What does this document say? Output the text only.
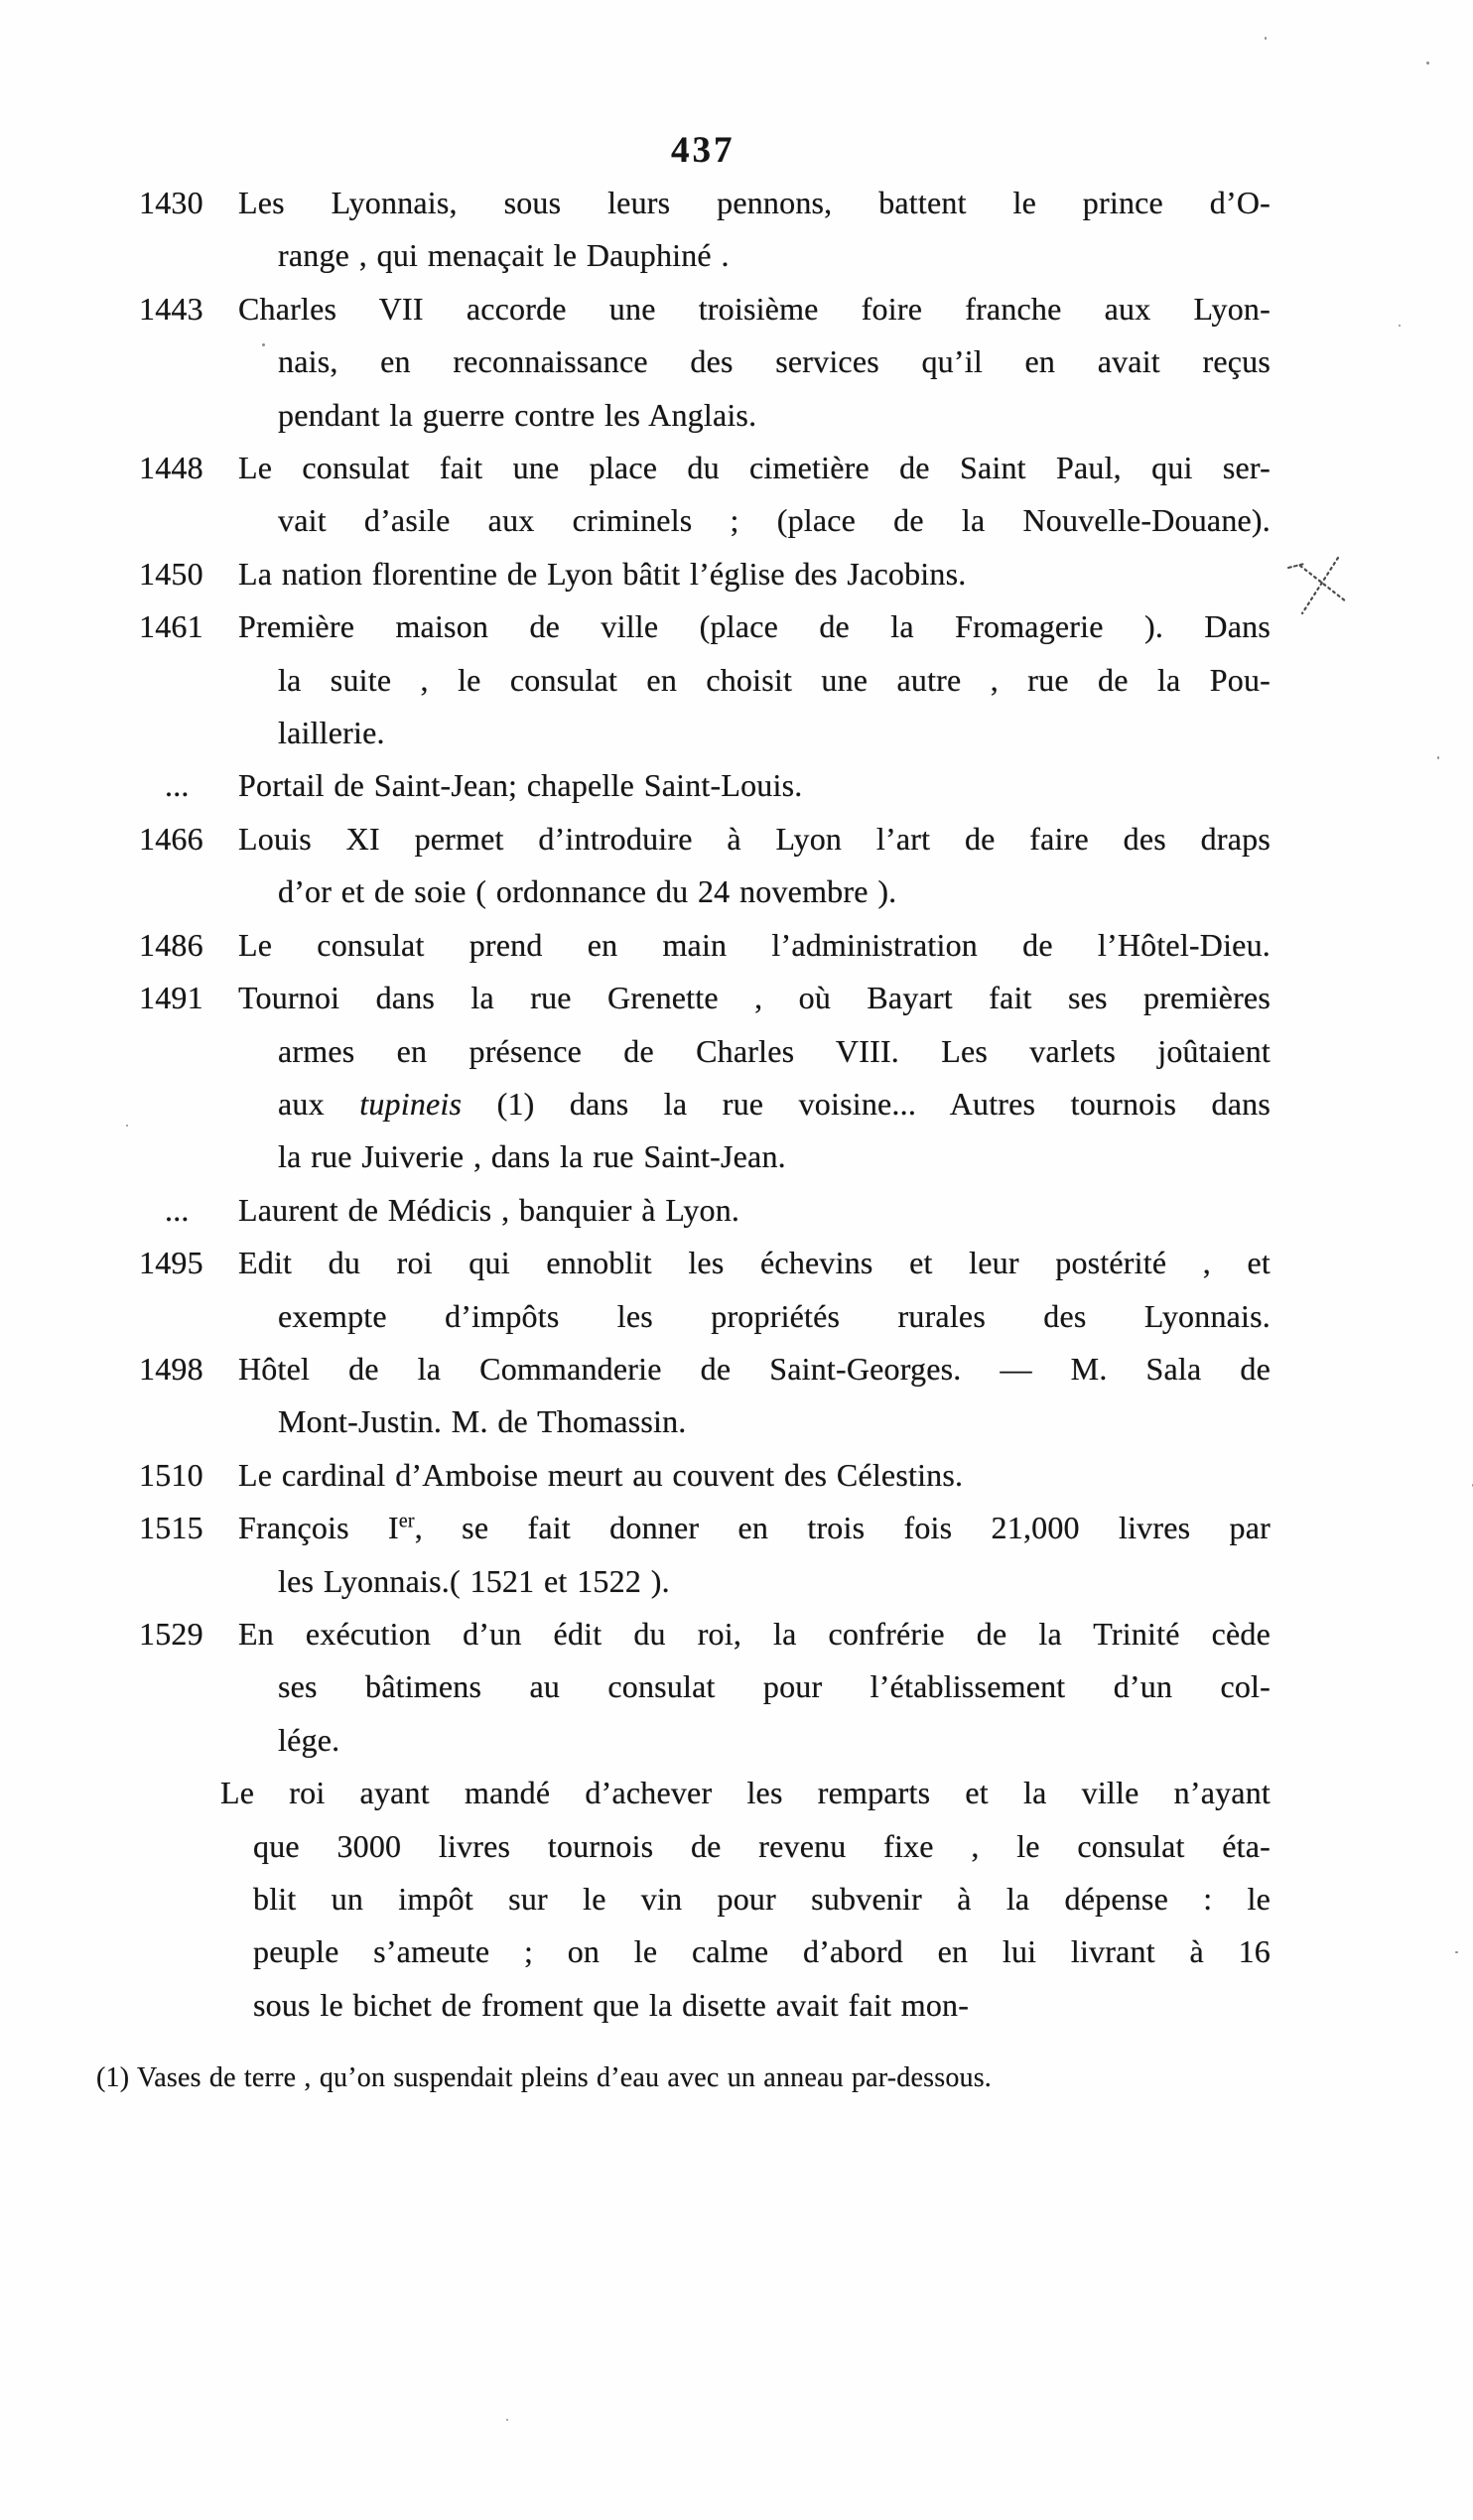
437
1430	Les Lyonnais, sous leurs pennons, battent le prince d’O-
range , qui menaçait le Dauphiné .
1443	Charles VII accorde une troisième foire franche aux Lyon-
nais, en reconnaissance des services qu’il en avait reçus
pendant la guerre contre les Anglais.
1448	Le consulat fait une place du cimetière de Saint Paul, qui ser-
vait d’asile aux criminels ; (place de la Nouvelle-Douane).
1450	La nation florentine de Lyon bâtit l’église des Jacobins.
1461	Première maison de ville (place de la Fromagerie ). Dans
la suite , le consulat en choisit une autre , rue de la Pou-
laillerie.
...	Portail de Saint-Jean; chapelle Saint-Louis.
1466	Louis XI permet d’introduire à Lyon l’art de faire des draps
d’or et de soie ( ordonnance du 24 novembre ).
1486	Le consulat prend en main l’administration de l’Hôtel-Dieu.
1491	Tournoi dans la rue Grenette , où Bayart fait ses premières
armes en présence de Charles VIII. Les varlets joûtaient
aux tupineis (1) dans la rue voisine... Autres tournois dans
la rue Juiverie , dans la rue Saint-Jean.
...	Laurent de Médicis , banquier à Lyon.
1495	Edit du roi qui ennoblit les échevins et leur postérité , et
exempte d’impôts les propriétés rurales des Lyonnais.
1498	Hôtel de la Commanderie de Saint-Georges. — M. Sala de
Mont-Justin. M. de Thomassin.
1510	Le cardinal d’Amboise meurt au couvent des Célestins.
1515	François Ier, se fait donner en trois fois 21,000 livres par
les Lyonnais.( 1521 et 1522 ).
1529	En exécution d’un édit du roi, la confrérie de la Trinité cède
ses bâtimens au consulat pour l’établissement d’un col-
lége.
Le roi ayant mandé d’achever les remparts et la ville n’ayant
que 3000 livres tournois de revenu fixe , le consulat éta-
blit un impôt sur le vin pour subvenir à la dépense : le
peuple s’ameute ; on le calme d’abord en lui livrant à 16
sous le bichet de froment que la disette avait fait mon-
(1) Vases de terre , qu’on suspendait pleins d’eau avec un anneau par-dessous.
